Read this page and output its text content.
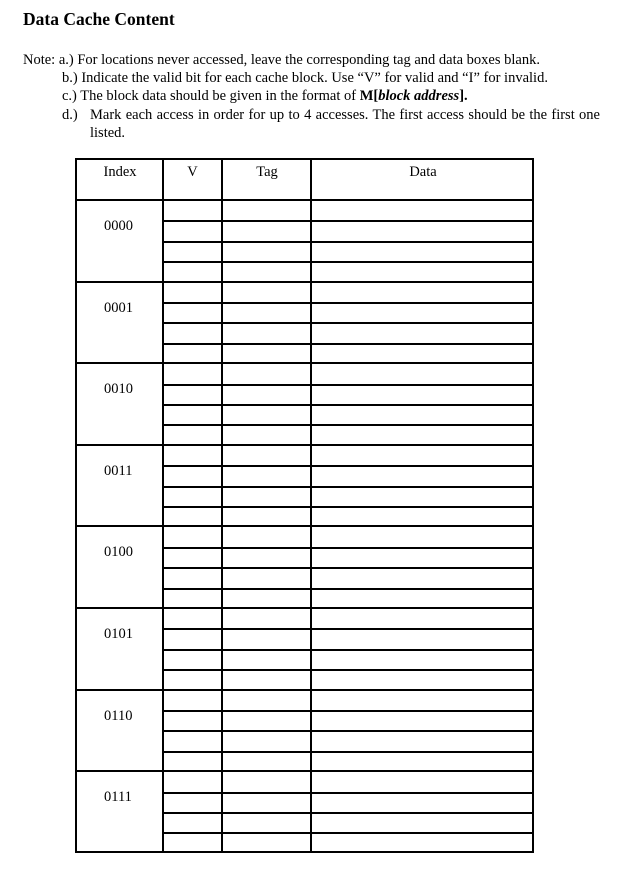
Data Cache Content
Note: a.) For locations never accessed, leave the corresponding tag and data boxes blank.
b.) Indicate the valid bit for each cache block. Use “V” for valid and “I” for invalid.
c.) The block data should be given in the format of M[block address].
d.) Mark each access in order for up to 4 accesses. The first access should be the first one listed.
Index	V	Tag	Data
0000
0001
0010
0011
0100
0101
0110
0111
